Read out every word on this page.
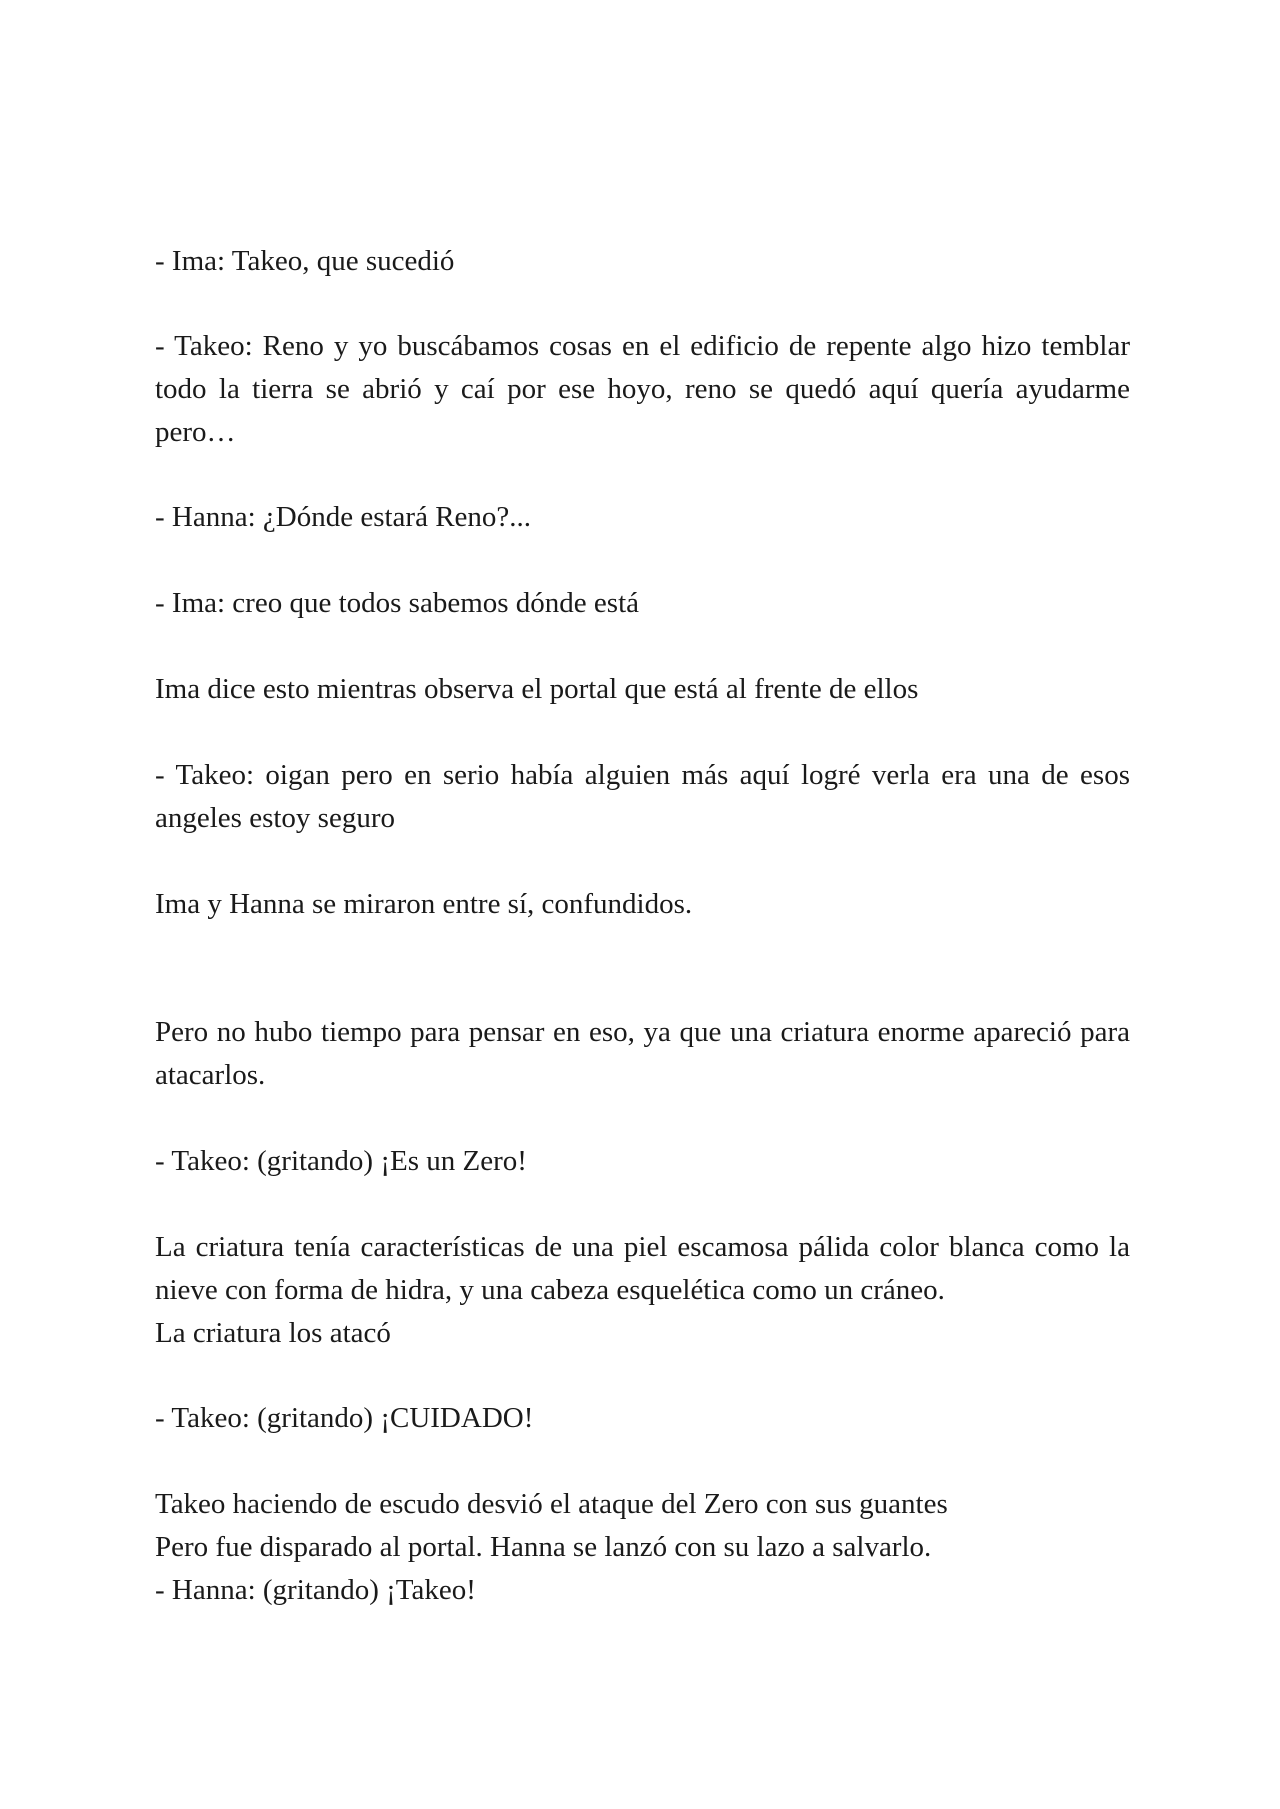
- Ima: Takeo, que sucedió

- Takeo: Reno y yo buscábamos cosas en el edificio de repente algo hizo temblar todo la tierra se abrió y caí por ese hoyo, reno se quedó aquí quería ayudarme pero…

- Hanna: ¿Dónde estará Reno?...

- Ima: creo que todos sabemos dónde está

Ima dice esto mientras observa el portal que está al frente de ellos

- Takeo: oigan pero en serio había alguien más aquí logré verla era una de esos angeles estoy seguro

Ima y Hanna se miraron entre sí, confundidos.

Pero no hubo tiempo para pensar en eso, ya que una criatura enorme apareció para atacarlos.

- Takeo: (gritando) ¡Es un Zero!

La criatura tenía características de una piel escamosa pálida color blanca como la nieve con forma de hidra, y una cabeza esquelética como un cráneo.
La criatura los atacó

- Takeo: (gritando) ¡CUIDADO!

Takeo haciendo de escudo desvió el ataque del Zero con sus guantes
Pero fue disparado al portal. Hanna se lanzó con su lazo a salvarlo.
- Hanna: (gritando) ¡Takeo!
